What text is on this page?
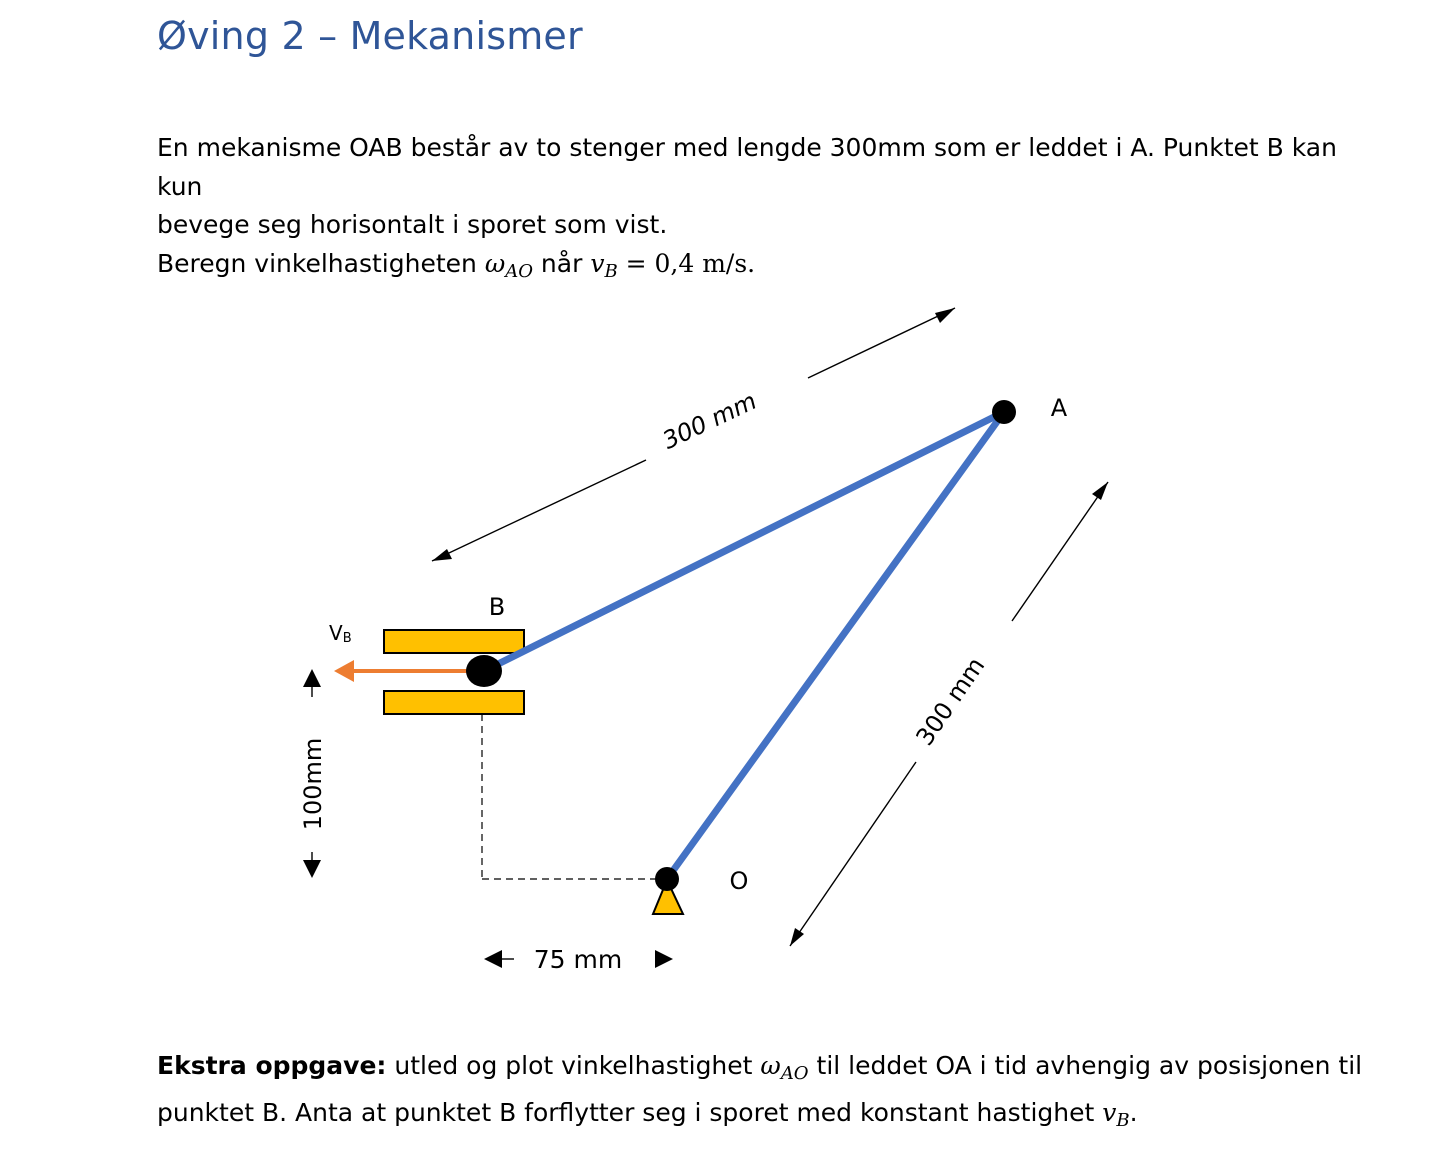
Øving 2 – Mekanismer
En mekanisme OAB består av to stenger med lengde 300mm som er leddet i A. Punktet B kan kun
bevege seg horisontalt i sporet som vist.
Beregn vinkelhastigheten $\omega_{AO}$ når $v_B = 0,4$ m/s.
300 mm
300 mm
100mm
75 mm
A
B
O
VB
Ekstra oppgave: utled og plot vinkelhastighet $\omega_{AO}$ til leddet OA i tid avhengig av posisjonen til
punktet B. Anta at punktet B forflytter seg i sporet med konstant hastighet $v_B$.
